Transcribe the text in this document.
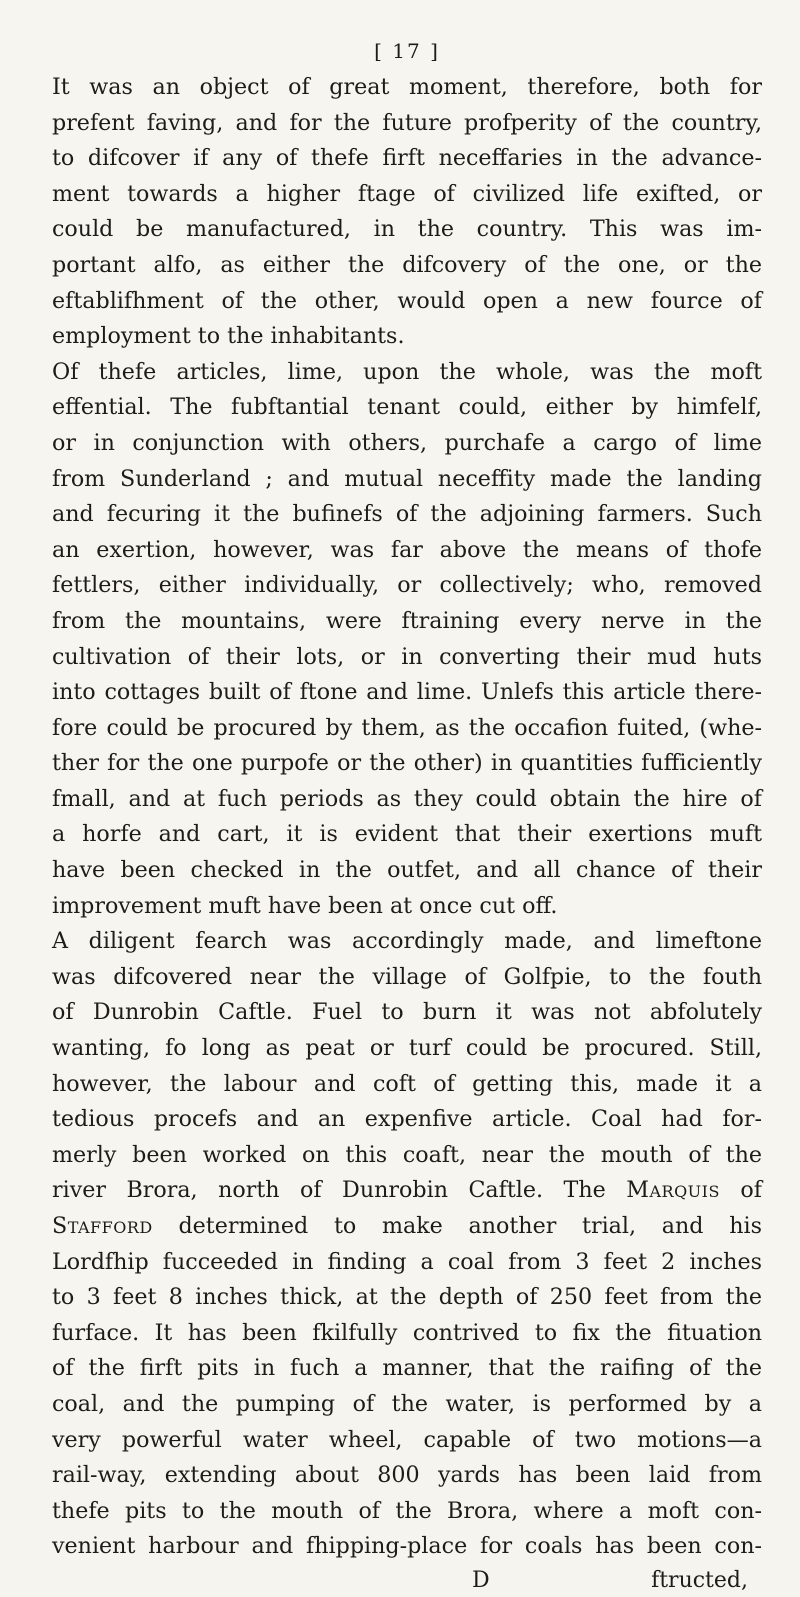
[ 17 ]

It was an object of great moment, therefore, both for
prefent faving, and for the future profperity of the country,
to difcover if any of thefe firft neceffaries in the advance-
ment towards a higher ftage of civilized life exifted, or
could be manufactured, in the country. This was im-
portant alfo, as either the difcovery of the one, or the
eftablifhment of the other, would open a new fource of
employment to the inhabitants.

Of thefe articles, lime, upon the whole, was the moft
effential. The fubftantial tenant could, either by himfelf,
or in conjunction with others, purchafe a cargo of lime
from Sunderland ; and mutual neceffity made the landing
and fecuring it the bufinefs of the adjoining farmers. Such
an exertion, however, was far above the means of thofe
fettlers, either individually, or collectively; who, removed
from the mountains, were ftraining every nerve in the
cultivation of their lots, or in converting their mud huts
into cottages built of ftone and lime. Unlefs this article there-
fore could be procured by them, as the occafion fuited, (whe-
ther for the one purpofe or the other) in quantities fufficiently
fmall, and at fuch periods as they could obtain the hire of
a horfe and cart, it is evident that their exertions muft
have been checked in the outfet, and all chance of their
improvement muft have been at once cut off.

A diligent fearch was accordingly made, and limeftone
was difcovered near the village of Golfpie, to the fouth
of Dunrobin Caftle. Fuel to burn it was not abfolutely
wanting, fo long as peat or turf could be procured. Still,
however, the labour and coft of getting this, made it a
tedious procefs and an expenfive article. Coal had for-
merly been worked on this coaft, near the mouth of the
river Brora, north of Dunrobin Caftle. The Marquis of
Stafford determined to make another trial, and his
Lordfhip fucceeded in finding a coal from 3 feet 2 inches
to 3 feet 8 inches thick, at the depth of 250 feet from the
furface. It has been fkilfully contrived to fix the fituation
of the firft pits in fuch a manner, that the raifing of the
coal, and the pumping of the water, is performed by a
very powerful water wheel, capable of two motions—a
rail-way, extending about 800 yards has been laid from
thefe pits to the mouth of the Brora, where a moft con-
venient harbour and fhipping-place for coals has been con-

D	ftructed,
